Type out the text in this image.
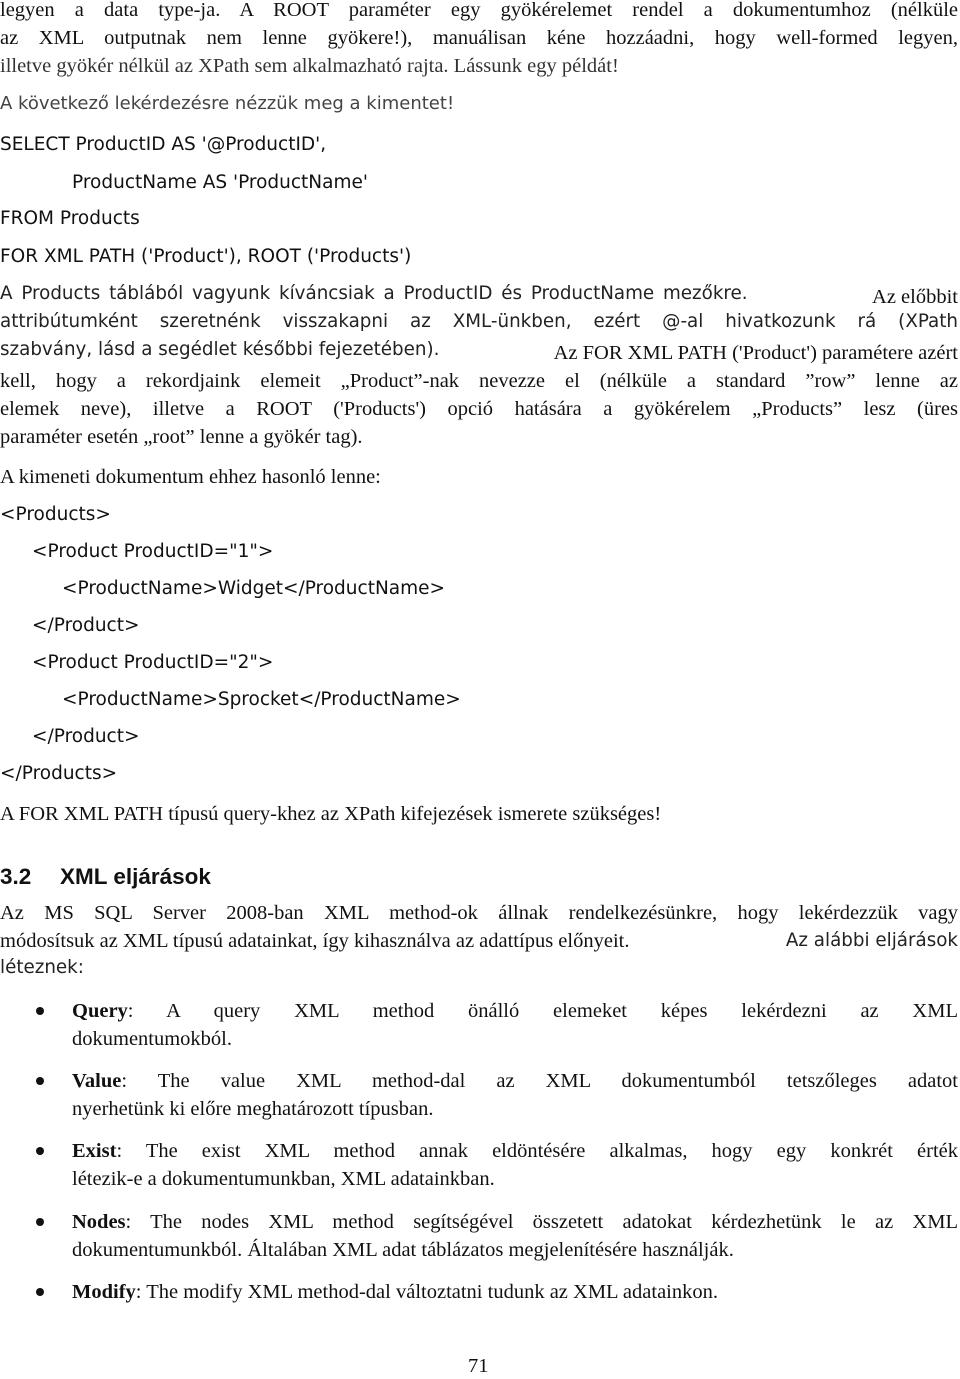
legyen a data type-ja. A ROOT paraméter egy gyökérelemet rendel a dokumentumhoz (nélküle
az XML outputnak nem lenne gyökere!), manuálisan kéne hozzáadni, hogy well-formed legyen,
illetve gyökér nélkül az XPath sem alkalmazható rajta. Lássunk egy példát!
A következő lekérdezésre nézzük meg a kimentet!
SELECT ProductID AS '@ProductID',
ProductName AS 'ProductName'
FROM Products
FOR XML PATH ('Product'), ROOT ('Products')
A Products táblából vagyunk kíváncsiak a ProductID és ProductName mezőkre.	Az előbbit
attribútumként szeretnénk visszakapni az XML-ünkben, ezért @-al hivatkozunk rá (XPath
szabvány, lásd a segédlet későbbi fejezetében).	Az FOR XML PATH ('Product') paramétere azért
kell, hogy a rekordjaink elemeit „Product”-nak nevezze el (nélküle a standard ”row” lenne az
elemek neve), illetve a ROOT ('Products') opció hatására a gyökérelem „Products” lesz (üres
paraméter esetén „root” lenne a gyökér tag).
A kimeneti dokumentum ehhez hasonló lenne:
<Products>
<Product ProductID="1">
<ProductName>Widget</ProductName>
</Product>
<Product ProductID="2">
<ProductName>Sprocket</ProductName>
</Product>
</Products>
A FOR XML PATH típusú query-khez az XPath kifejezések ismerete szükséges!
3.2 XML eljárások
Az MS SQL Server 2008-ban XML method-ok állnak rendelkezésünkre, hogy lekérdezzük vagy
módosítsuk az XML típusú adatainkat, így kihasználva az adattípus előnyeit.	Az alábbi eljárások
léteznek:
Query: A query XML method önálló elemeket képes lekérdezni az XML
dokumentumokból.
Value: The value XML method-dal az XML dokumentumból tetszőleges adatot
nyerhetünk ki előre meghatározott típusban.
Exist: The exist XML method annak eldöntésére alkalmas, hogy egy konkrét érték
létezik-e a dokumentumunkban, XML adatainkban.
Nodes: The nodes XML method segítségével összetett adatokat kérdezhetünk le az XML
dokumentumunkból. Általában XML adat táblázatos megjelenítésére használják.
Modify: The modify XML method-dal változtatni tudunk az XML adatainkon.
71
